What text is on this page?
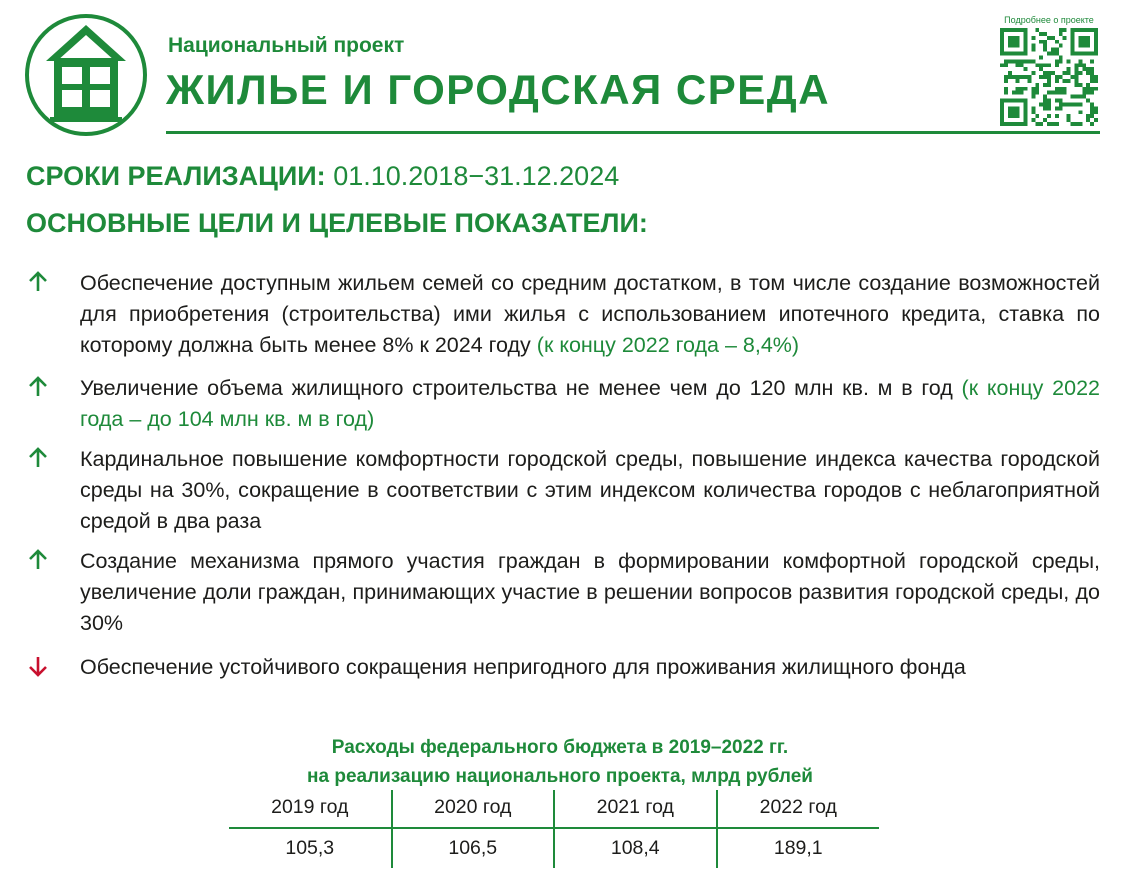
Национальный проект
ЖИЛЬЕ И ГОРОДСКАЯ СРЕДА
Подробнее о проекте
СРОКИ РЕАЛИЗАЦИИ: 01.10.2018−31.12.2024
ОСНОВНЫЕ ЦЕЛИ И ЦЕЛЕВЫЕ ПОКАЗАТЕЛИ:
Обеспечение доступным жильем семей со средним достатком, в том числе создание возможностей для приобретения (строительства) ими жилья с использованием ипотечного кредита, ставка по которому должна быть менее 8% к 2024 году (к концу 2022 года – 8,4%)
Увеличение объема жилищного строительства не менее чем до 120 млн кв. м в год (к концу 2022 года – до 104 млн кв. м в год)
Кардинальное повышение комфортности городской среды, повышение индекса качества городской среды на 30%, сокращение в соответствии с этим индексом количества городов с неблагоприятной средой в два раза
Создание механизма прямого участия граждан в формировании комфортной городской среды, увеличение доли граждан, принимающих участие в решении вопросов развития городской среды, до 30%
Обеспечение устойчивого сокращения непригодного для проживания жилищного фонда
Расходы федерального бюджета в 2019–2022 гг.
на реализацию национального проекта, млрд рублей
2019 год	2020 год	2021 год	2022 год
105,3	106,5	108,4	189,1
